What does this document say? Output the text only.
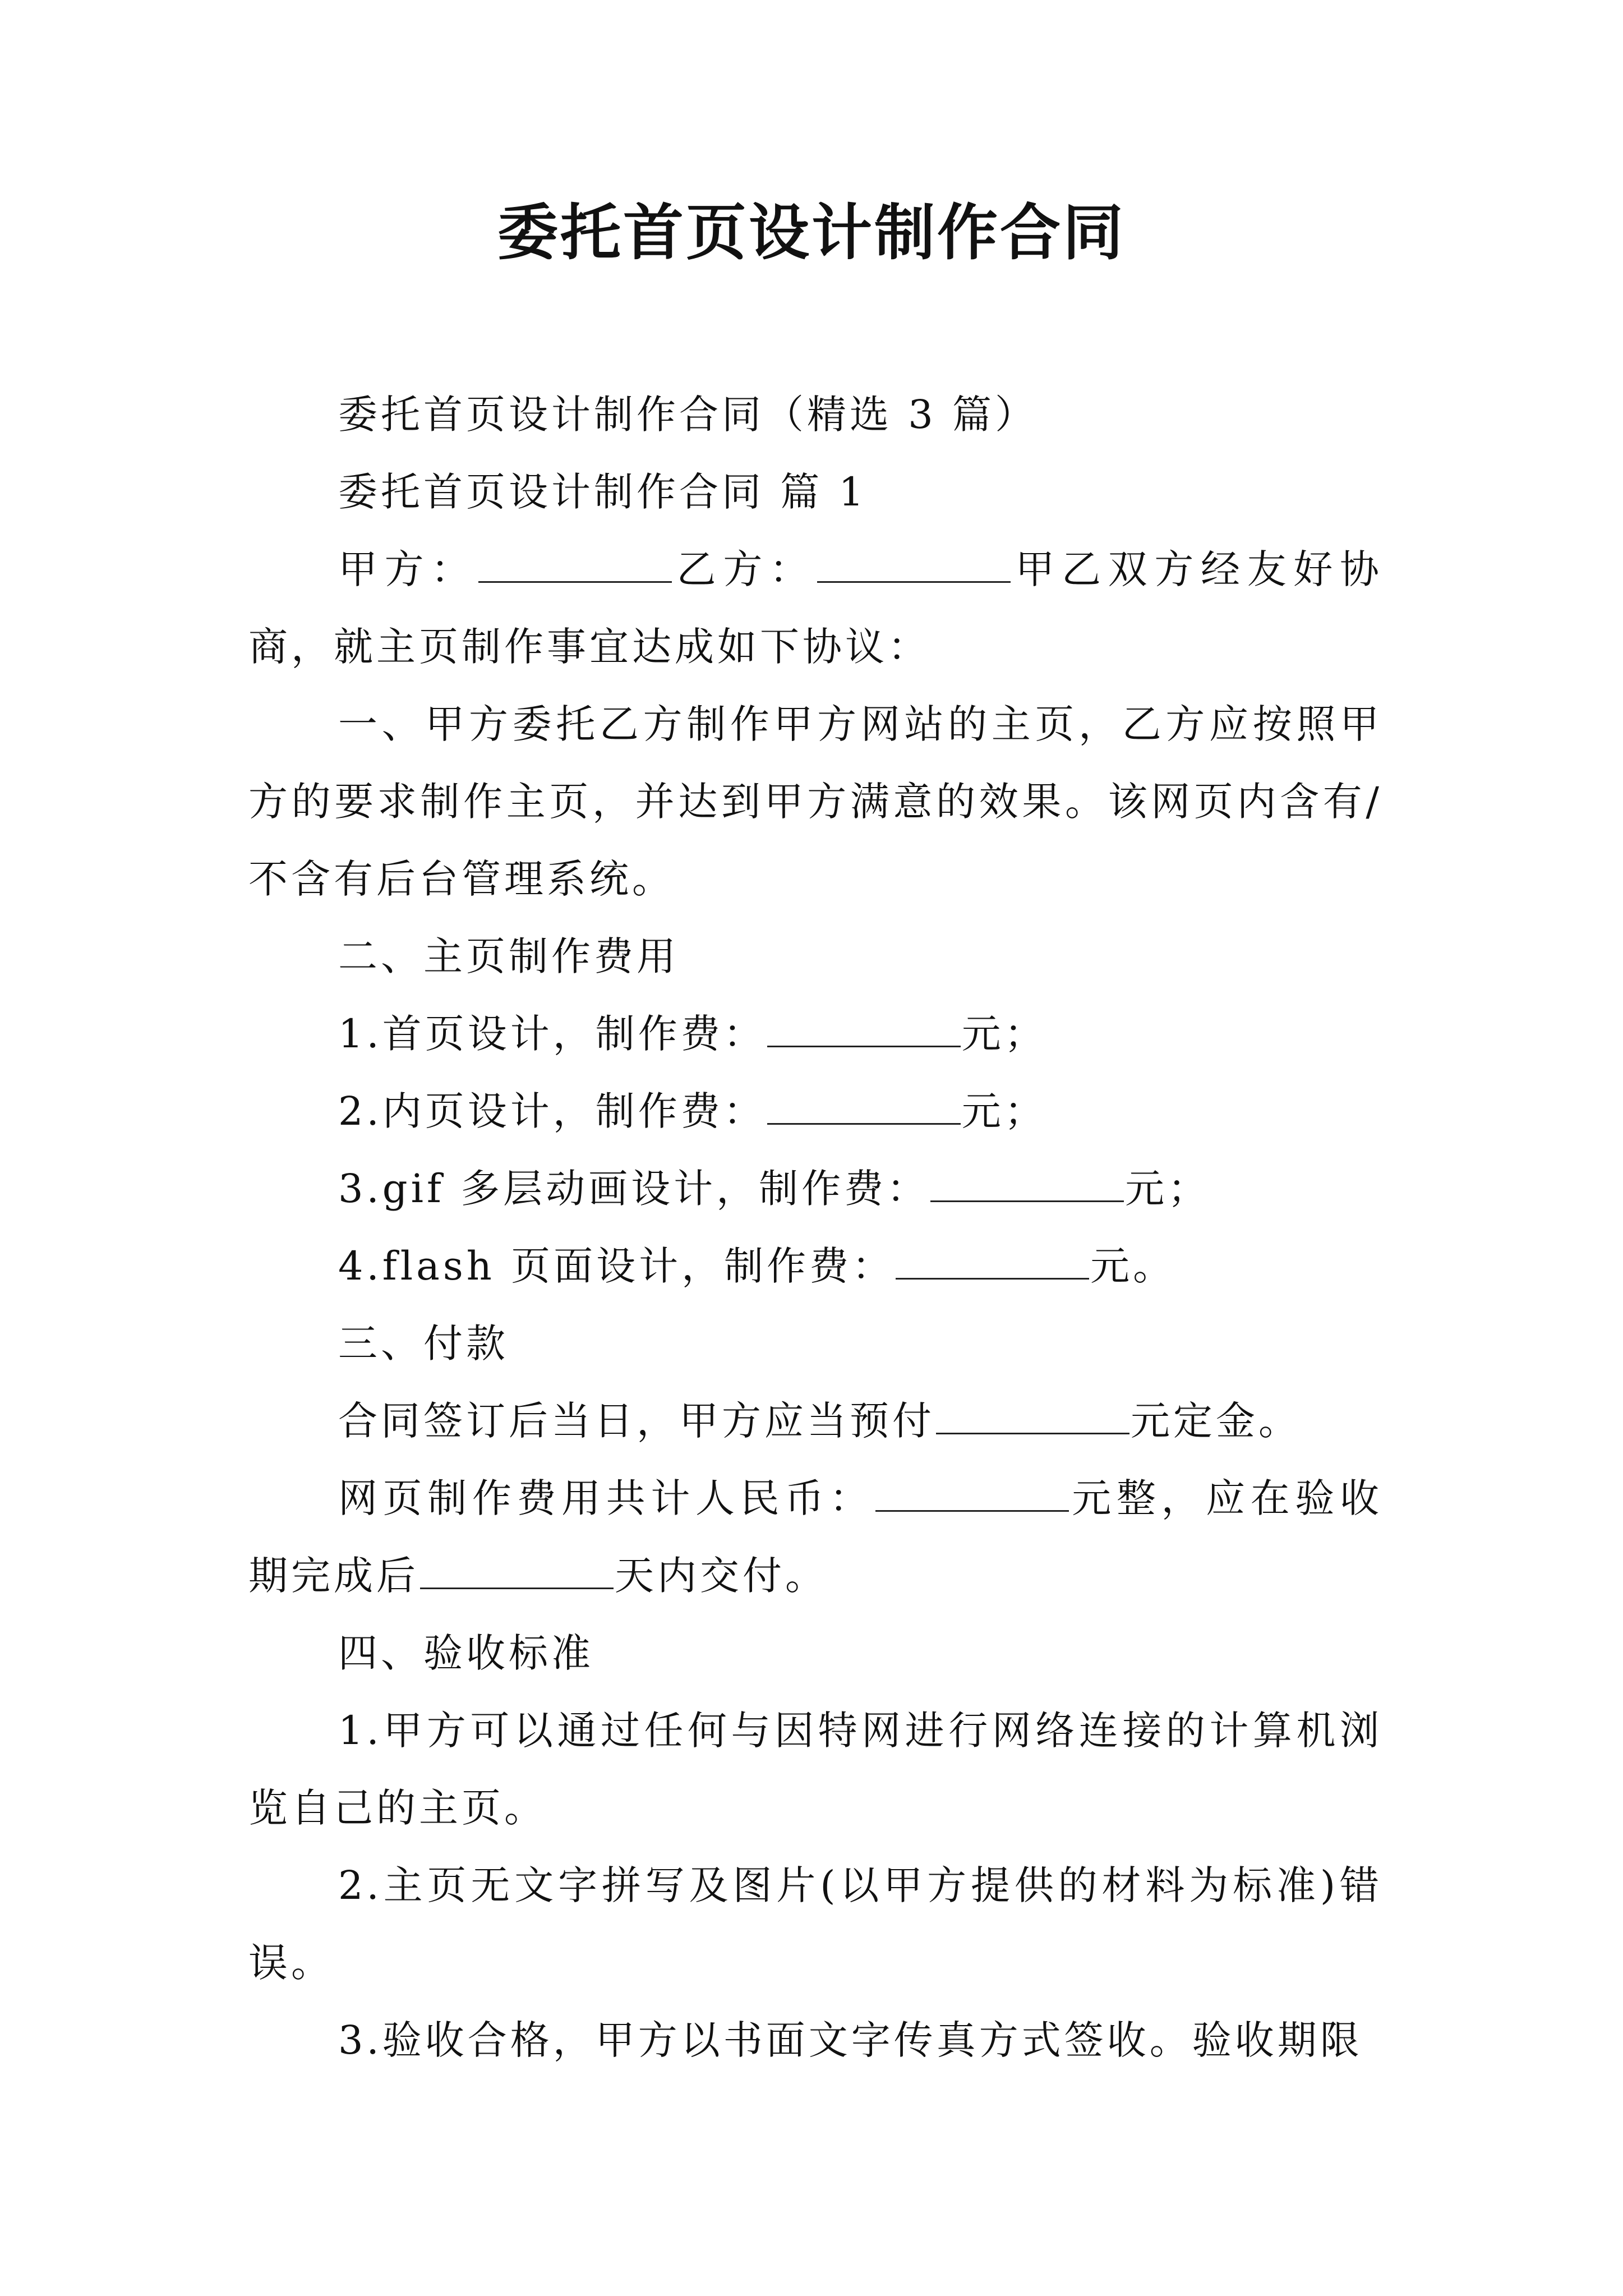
委托首页设计制作合同

委托首页设计制作合同（精选 3 篇）

委托首页设计制作合同 篇 1

甲方：	乙方：	甲乙双方经友好协商，就主页制作事宜达成如下协议：

一、甲方委托乙方制作甲方网站的主页，乙方应按照甲方的要求制作主页，并达到甲方满意的效果。该网页内含有/不含有后台管理系统。

二、主页制作费用

1.首页设计，制作费：	元；

2.内页设计，制作费：	元；

3.gif 多层动画设计，制作费：	元；

4.flash 页面设计，制作费：	元。

三、付款

合同签订后当日，甲方应当预付	元定金。

网页制作费用共计人民币：	元整，应在验收期完成后	天内交付。

四、验收标准

1.甲方可以通过任何与因特网进行网络连接的计算机浏览自己的主页。

2.主页无文字拼写及图片(以甲方提供的材料为标准)错误。

3.验收合格，甲方以书面文字传真方式签收。验收期限
